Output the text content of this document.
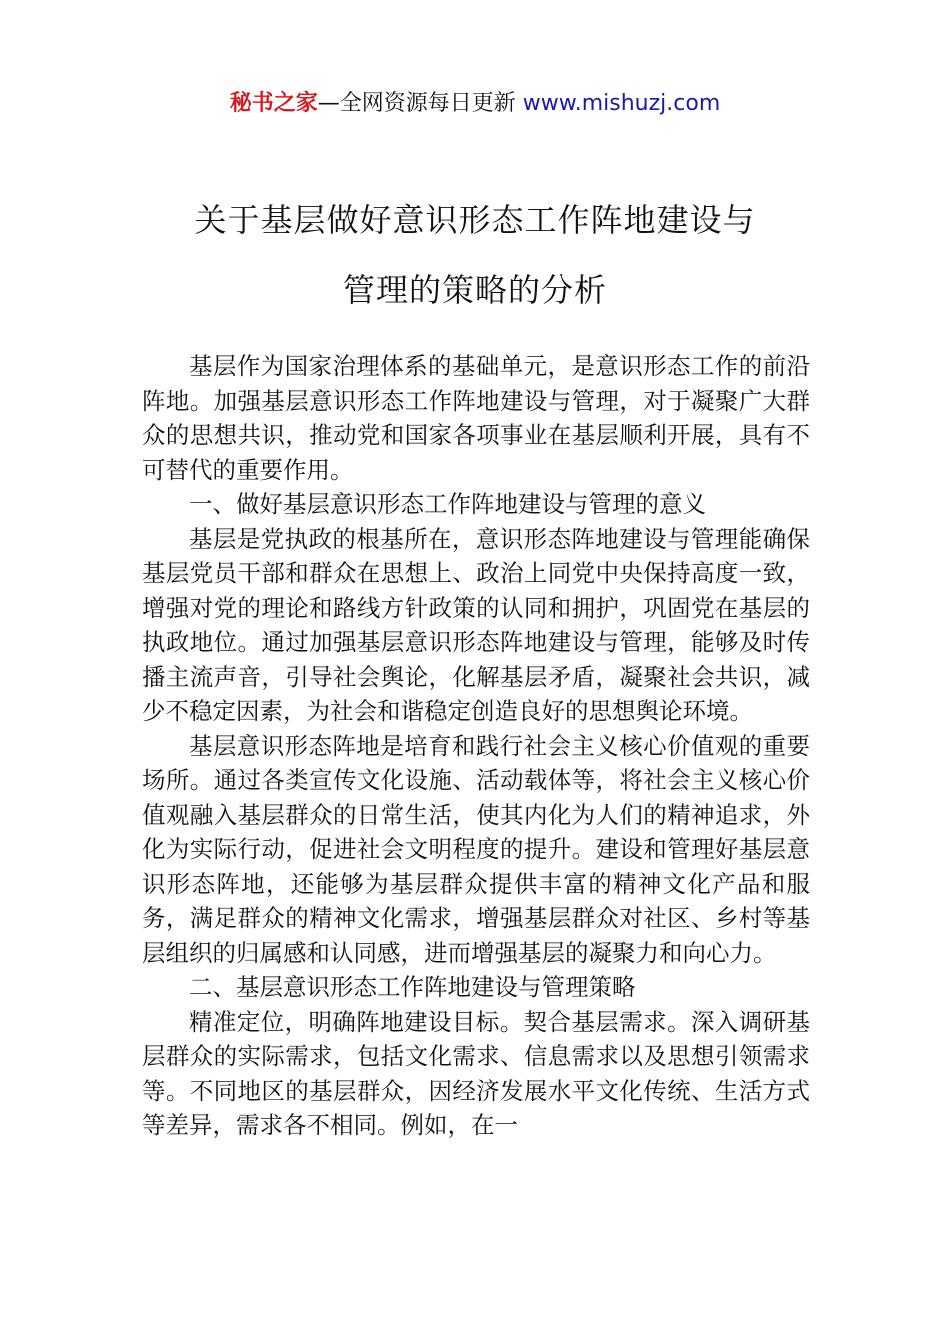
秘书之家—全网资源每日更新 www.mishuzj.com
关于基层做好意识形态工作阵地建设与
管理的策略的分析

基层作为国家治理体系的基础单元，是意识形态工作的前沿阵地。加强基层意识形态工作阵地建设与管理，对于凝聚广大群众的思想共识，推动党和国家各项事业在基层顺利开展，具有不可替代的重要作用。

一、做好基层意识形态工作阵地建设与管理的意义

基层是党执政的根基所在，意识形态阵地建设与管理能确保基层党员干部和群众在思想上、政治上同党中央保持高度一致，增强对党的理论和路线方针政策的认同和拥护，巩固党在基层的执政地位。通过加强基层意识形态阵地建设与管理，能够及时传播主流声音，引导社会舆论，化解基层矛盾，凝聚社会共识，减少不稳定因素，为社会和谐稳定创造良好的思想舆论环境。

基层意识形态阵地是培育和践行社会主义核心价值观的重要场所。通过各类宣传文化设施、活动载体等，将社会主义核心价值观融入基层群众的日常生活，使其内化为人们的精神追求，外化为实际行动，促进社会文明程度的提升。建设和管理好基层意识形态阵地，还能够为基层群众提供丰富的精神文化产品和服务，满足群众的精神文化需求，增强基层群众对社区、乡村等基层组织的归属感和认同感，进而增强基层的凝聚力和向心力。

二、基层意识形态工作阵地建设与管理策略

精准定位，明确阵地建设目标。契合基层需求。深入调研基层群众的实际需求，包括文化需求、信息需求以及思想引领需求等。不同地区的基层群众，因经济发展水平文化传统、生活方式等差异，需求各不相同。例如，在一
